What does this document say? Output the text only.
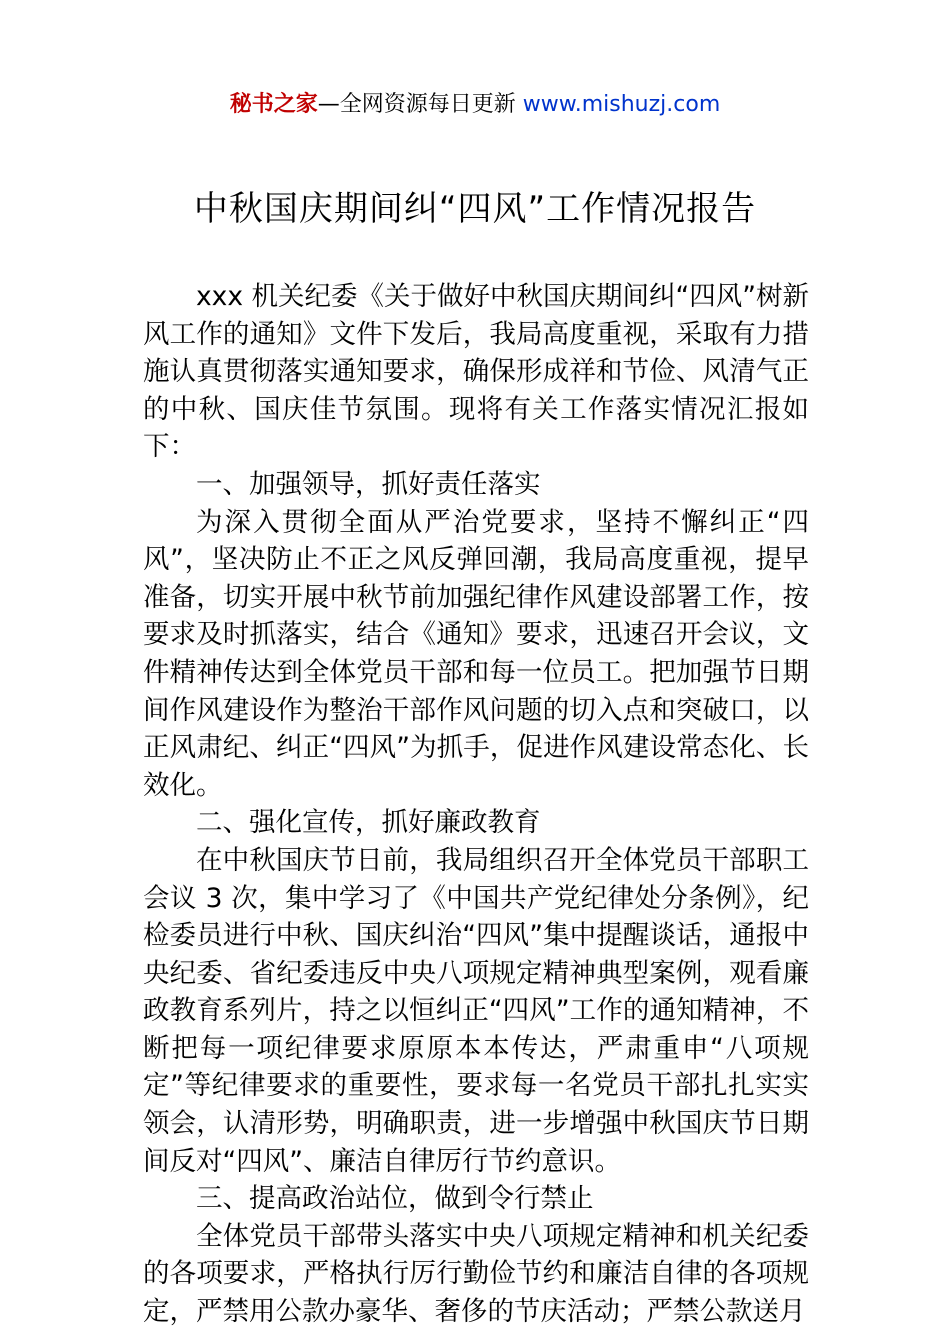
秘书之家—全网资源每日更新 www.mishuzj.com
中秋国庆期间纠“四风”工作情况报告

xxx 机关纪委《关于做好中秋国庆期间纠“四风”树新风工作的通知》文件下发后，我局高度重视，采取有力措施认真贯彻落实通知要求，确保形成祥和节俭、风清气正的中秋、国庆佳节氛围。现将有关工作落实情况汇报如下：

一、加强领导，抓好责任落实

为深入贯彻全面从严治党要求，坚持不懈纠正“四风”，坚决防止不正之风反弹回潮，我局高度重视，提早准备，切实开展中秋节前加强纪律作风建设部署工作，按要求及时抓落实，结合《通知》要求，迅速召开会议，文件精神传达到全体党员干部和每一位员工。把加强节日期间作风建设作为整治干部作风问题的切入点和突破口，以正风肃纪、纠正“四风”为抓手，促进作风建设常态化、长效化。

二、强化宣传，抓好廉政教育

在中秋国庆节日前，我局组织召开全体党员干部职工会议 3 次，集中学习了《中国共产党纪律处分条例》，纪检委员进行中秋、国庆纠治“四风”集中提醒谈话，通报中央纪委、省纪委违反中央八项规定精神典型案例，观看廉政教育系列片，持之以恒纠正“四风”工作的通知精神，不断把每一项纪律要求原原本本传达，严肃重申“八项规定”等纪律要求的重要性，要求每一名党员干部扎扎实实领会，认清形势，明确职责，进一步增强中秋国庆节日期间反对“四风”、廉洁自律厉行节约意识。

三、提高政治站位，做到令行禁止

全体党员干部带头落实中央八项规定精神和机关纪委的各项要求，严格执行厉行勤俭节约和廉洁自律的各项规定，严禁用公款办豪华、奢侈的节庆活动；严禁公款送月
